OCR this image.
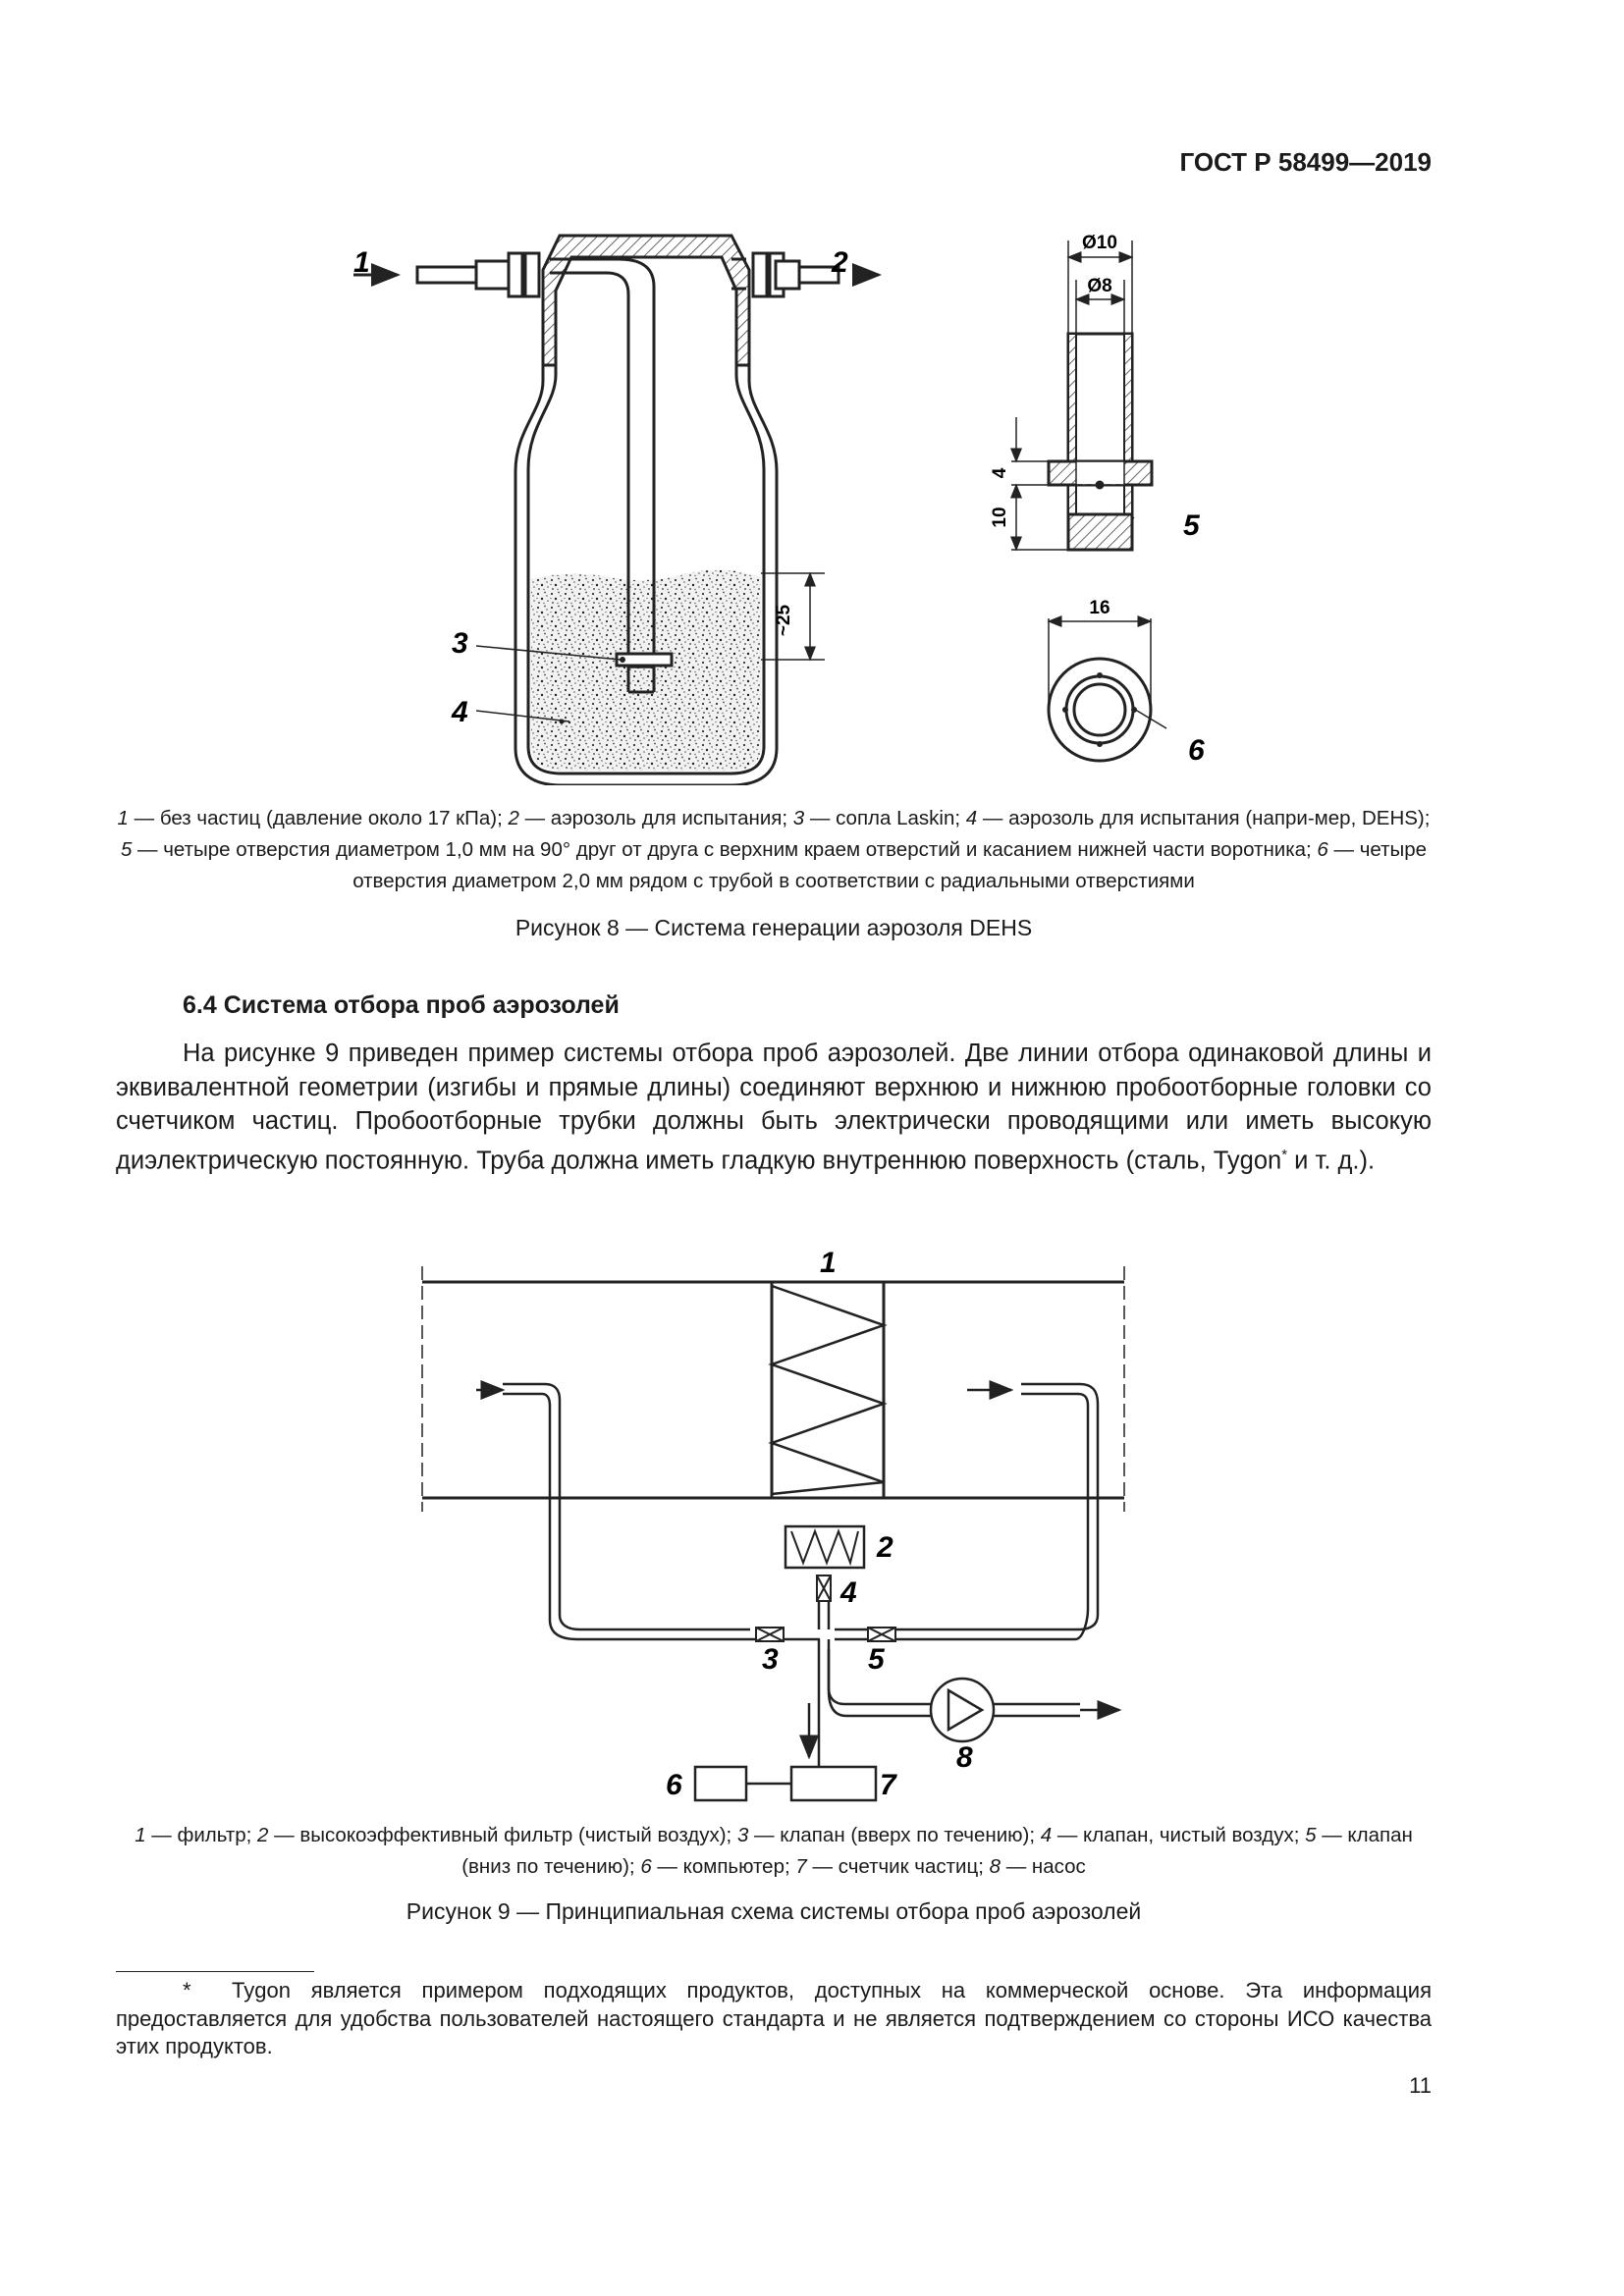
ГОСТ Р 58499—2019
~25
1	2
3
4
5
6
Ø10
Ø8
4
10
16
1 — без частиц (давление около 17 кПа); 2 — аэрозоль для испытания; 3 — сопла Laskin; 4 — аэрозоль для испытания (напри-мер, DEHS); 5 — четыре отверстия диаметром 1,0 мм на 90° друг от друга с верхним краем отверстий и касанием нижней части воротника; 6 — четыре отверстия диаметром 2,0 мм рядом с трубой в соответствии с радиальными отверстиями
Рисунок 8 — Система генерации аэрозоля DEHS
6.4 Система отбора проб аэрозолей

На рисунке 9 приведен пример системы отбора проб аэрозолей. Две линии отбора одинаковой длины и эквивалентной геометрии (изгибы и прямые длины) соединяют верхнюю и нижнюю пробоотборные головки со счетчиком частиц. Пробоотборные трубки должны быть электрически проводящими или иметь высокую диэлектрическую постоянную. Труба должна иметь гладкую внутреннюю поверхность (сталь, Tygon* и т. д.).

1
2
4
3	5
8
6	7
1 — фильтр; 2 — высокоэффективный фильтр (чистый воздух); 3 — клапан (вверх по течению); 4 — клапан, чистый воздух; 5 — клапан (вниз по течению); 6 — компьютер; 7 — счетчик частиц; 8 — насос
Рисунок 9 — Принципиальная схема системы отбора проб аэрозолей

* Tygon является примером подходящих продуктов, доступных на коммерческой основе. Эта информация предоставляется для удобства пользователей настоящего стандарта и не является подтверждением со стороны ИСО качества этих продуктов.

11
